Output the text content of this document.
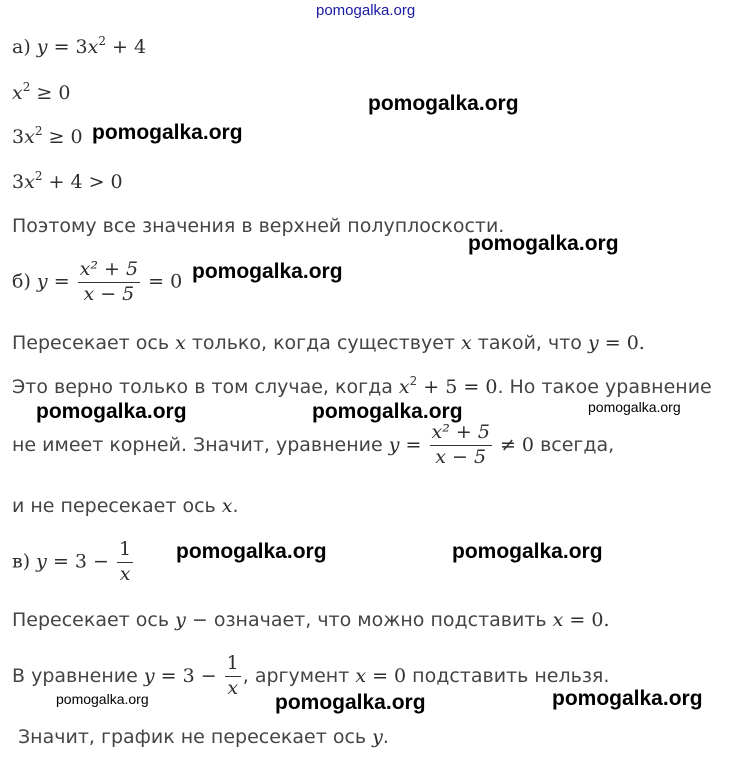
pomogalka.org
а) $y = 3x^2 + 4$
$x^2 \ge 0$
$3x^2 \ge 0$
$3x^2 + 4 > 0$
Поэтому все значения в верхней полуплоскости.
б) $y = \frac{\text{x² + 5}}{x - 5} = 0$
Пересекает ось x только, когда существует x такой, что y = 0.
Это верно только в том случае, когда $x^2 + 5 = 0$. Но такое уравнение
не имеет корней. Значит, уравнение $y = \frac{\text{x² + 5}}{x - 5} \ne 0$ всегда,
и не пересекает ось x.
в) $y = 3 - \frac{1}{x}$
Пересекает ось y − означает, что можно подставить x = 0.
В уравнение $y = 3 - \frac{1}{x}$ , аргумент x = 0 подставить нельзя.
Значит, график не пересекает ось y.
pomogalka.org
pomogalka.org
pomogalka.org
pomogalka.org
pomogalka.org	pomogalka.org	pomogalka.org
pomogalka.org	pomogalka.org
pomogalka.org	pomogalka.org	pomogalka.org
